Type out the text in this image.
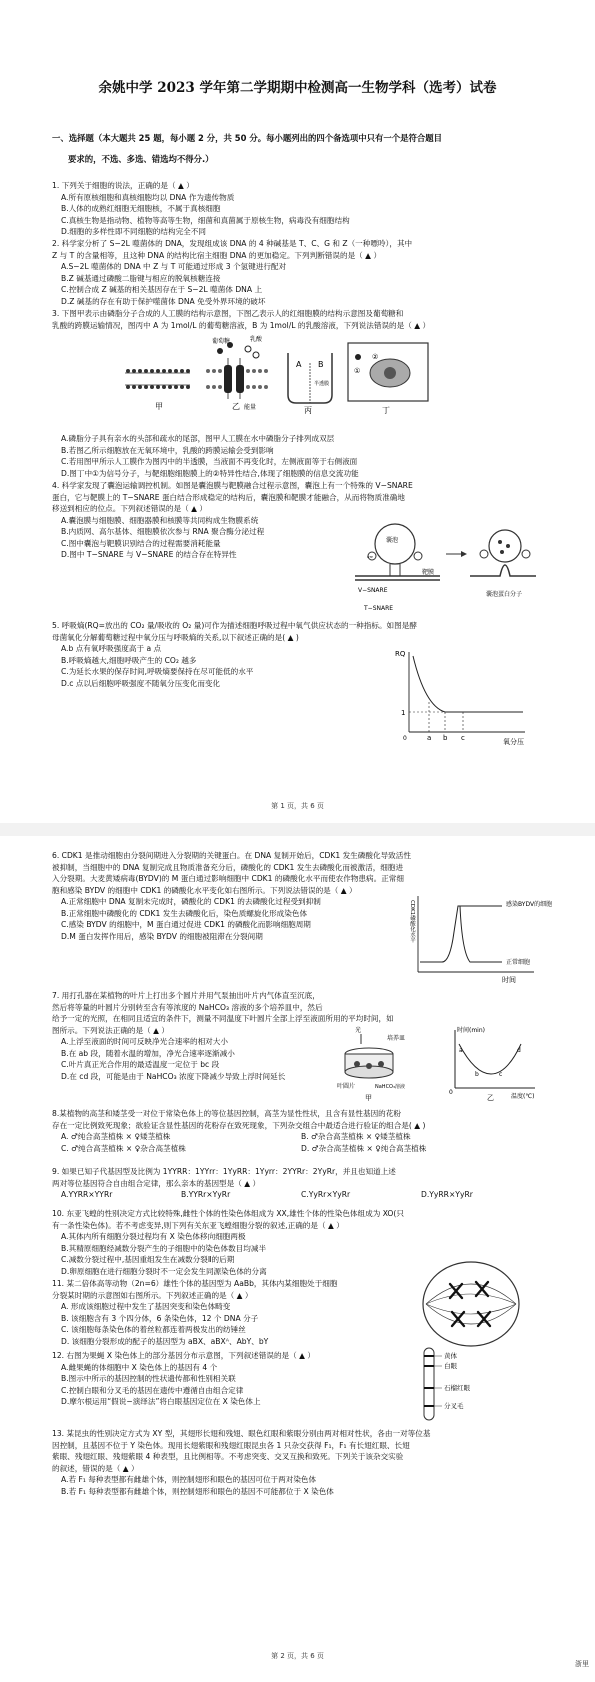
余姚中学 2023 学年第二学期期中检测高一生物学科（选考）试卷
一、选择题（本大题共 25 题，每小题 2 分，共 50 分。每小题列出的四个备选项中只有一个是符合题目
要求的，不选、多选、错选均不得分.）

1. 下列关于细胞的说法，正确的是（ ▲ ）

A.所有原核细胞和真核细胞均以 DNA 作为遗传物质

B.人体的成熟红细胞无细胞核，不属于真核细胞

C.真核生物是指动物、植物等高等生物，细菌和真菌属于原核生物，病毒没有细胞结构

D.细胞的多样性即不同细胞的结构完全不同

2. 科学家分析了 S−2L 噬菌体的 DNA，发现组成该 DNA 的 4 种碱基是 T、C、G 和 Z（一种嘌呤），其中

Z 与 T 的含量相等，且这种 DNA 的结构比宿主细胞 DNA 的更加稳定。下列判断错误的是（ ▲ ）

A.S−2L 噬菌体的 DNA 中 Z 与 T 可能通过形成 3 个氢键进行配对

B.Z 碱基通过磷酸二脂键与相应的脱氧核糖连接

C.控制合成 Z 碱基的相关基因存在于 S−2L 噬菌体 DNA 上

D.Z 碱基的存在有助于保护噬菌体 DNA 免受外界环境的破坏

3. 下图甲表示由磷脂分子合成的人工膜的结构示意图，下图乙表示人的红细胞膜的结构示意图及葡萄糖和

乳酸的跨膜运输情况，图丙中 A 为 1mol/L 的葡萄糖溶液，B 为 1mol/L 的乳酸溶液，下列说法错误的是（ ▲ ）

甲
葡萄糖	乳酸
能量
乙
A B
半透膜
丙
①
②
丁

A.磷脂分子具有亲水的头部和疏水的尾部，图甲人工膜在水中磷脂分子排列成双层

B.若图乙所示细胞放在无氧环境中，乳酸的跨膜运输会受到影响

C.若用图甲所示人工膜作为图丙中的半透膜，当液面不再变化时，左侧液面等于右侧液面

D.图丁中①为信号分子，与靶细胞细胞膜上的②特异性结合,体现了细胞膜的信息交流功能

4. 科学家发现了囊泡运输调控机制。如图是囊泡膜与靶膜融合过程示意图，囊泡上有一个特殊的 V−SNARE

蛋白，它与靶膜上的 T−SNARE 蛋白结合形成稳定的结构后，囊泡膜和靶膜才能融合，从而将物质准确地

移送到相应的位点。下列叙述错误的是（ ▲ ）

A.囊泡膜与细胞膜、细胞器膜和核膜等共同构成生物膜系统

B.内质网、高尔基体、细胞膜依次参与 RNA 聚合酶分泌过程

C.图中囊泡与靶膜识别结合的过程需要消耗能量

D.图中 T−SNARE 与 V−SNARE 的结合存在特异性

囊泡
GTP
靶膜
V−SNARE
T−SNARE
囊泡蛋白分子

5. 呼吸熵(RQ=放出的 CO₂ 量/吸收的 O₂ 量)可作为描述细胞呼吸过程中氧气供应状态的一种指标。如图是酵

母菌氧化分解葡萄糖过程中氧分压与呼吸熵的关系,以下叙述正确的是( ▲ )

A.b 点有氧呼吸强度高于 a 点

B.呼吸熵越大,细胞呼吸产生的 CO₂ 越多

C.为延长水果的保存时间,呼吸熵要保持在尽可能低的水平

D.c 点以后细胞呼吸强度不随氧分压变化而变化

RQ
1
0	a b c	氧分压
第 1 页，共 6 页

6. CDK1 是推动细胞由分裂间期进入分裂期的关键蛋白。在 DNA 复制开始后，CDK1 发生磷酸化导致活性

被抑制，当细胞中的 DNA 复制完成且物质准备充分后，磷酸化的 CDK1 发生去磷酸化而被激活，细胞进

入分裂期。大麦黄矮病毒(BYDV)的 M 蛋白通过影响细胞中 CDK1 的磷酸化水平而使农作物患病。正常细

胞和感染 BYDV 的细胞中 CDK1 的磷酸化水平变化如右图所示。下列说法错误的是（ ▲ ）

A.正常细胞中 DNA 复制未完成时，磷酸化的 CDK1 的去磷酸化过程受到抑制

B.正常细胞中磷酸化的 CDK1 发生去磷酸化后，染色质螺旋化形成染色体

C.感染 BYDV 的细胞中，M 蛋白通过促进 CDK1 的磷酸化而影响细胞周期

D.M 蛋白发挥作用后，感染 BYDV 的细胞被阻滞在分裂间期

感染BYDV的细胞
正常细胞
CDK1磷酸化水平
时间

7. 用打孔器在某植物的叶片上打出多个圆片并用气泵抽出叶片内气体直至沉底，

然后将等量的叶圆片分别转至含有等浓度的 NaHCO₃ 溶液的多个培养皿中，然后

给予一定的光照，在相同且适宜的条件下，测量不同温度下叶圆片全部上浮至液面所用的平均时间，如

图所示。下列说法正确的是（ ▲ ）

A.上浮至液面的时间可反映净光合速率的相对大小

B.在 ab 段，随着水温的增加，净光合速率逐渐减小

C.叶片真正光合作用的最适温度一定位于 bc 段

D.在 cd 段，可能是由于 NaHCO₃ 浓度下降减少导致上浮时间延长

光
培养皿
叶圆片	NaHCO₃溶液
甲
时间(min)
温度(℃)
0
a
b	c
d
乙

8.某植物的高茎和矮茎受一对位于常染色体上的等位基因控制，高茎为显性性状，且含有显性基因的花粉

存在一定比例致死现象；欲验证含显性基因的花粉存在致死现象，下列杂交组合中最适合进行验证的组合是( ▲ )

A. ♂纯合高茎植株 × ♀矮茎植株	B. ♂杂合高茎植株 × ♀矮茎植株

C. ♂纯合高茎植株 × ♀杂合高茎植株	D. ♂杂合高茎植株 × ♀纯合高茎植株

9. 如果已知子代基因型及比例为 1YYRR：1YYrr：1YyRR：1Yyrr：2YYRr：2YyRr，并且也知道上述

两对等位基因符合自由组合定律，那么亲本的基因型是（ ▲ ）

A.YYRR×YYRr	B.YYRr×YyRr	C.YyRr×YyRr	D.YyRR×YyRr

10. 东亚飞蝗的性别决定方式比较特殊,雌性个体的性染色体组成为 XX,雄性个体的性染色体组成为 XO(只

有一条性染色体)。若不考虑变异,则下列有关东亚飞蝗细胞分裂的叙述,正确的是（ ▲ ）

A.其体内所有细胞分裂过程均有 X 染色体移向细胞两极

B.其精原细胞经减数分裂产生的子细胞中的染色体数目均减半

C.减数分裂过程中,基因重组发生在减数分裂Ⅱ的后期

D.卵原细胞在进行细胞分裂时不一定会发生同源染色体的分离

11. 某二倍体高等动物（2n=6）雄性个体的基因型为 AaBb，其体内某细胞处于细胞

分裂某时期的示意图如右图所示。下列叙述正确的是（ ▲ ）

A. 形成该细胞过程中发生了基因突变和染色体畸变

B. 该细胞含有 3 个四分体，6 条染色体，12 个 DNA 分子

C. 该细胞每条染色体的着丝粒都连着两极发出的纺锤丝

D. 该细胞分裂形成的配子的基因型为 aBX、aBXᴬ、AbY、bY

12. 右图为果蝇 X 染色体上的部分基因分布示意图，下列叙述错误的是（ ▲ ）

A.雌果蝇的体细胞中 X 染色体上的基因有 4 个

B.图示中所示的基因控制的性状遗传都和性别相关联

C.控制白眼和分叉毛的基因在遗传中遵循自由组合定律

D.摩尔根运用“假说−演绎法”将白眼基因定位在 X 染色体上

黄体
白眼
石榴红眼
分叉毛

13. 某昆虫的性别决定方式为 XY 型，其翅形长翅和残翅、眼色红眼和紫眼分别由两对相对性状，各由一对等位基

因控制，且基因不位于 Y 染色体。现用长翅紫眼和残翅红眼昆虫各 1 只杂交获得 F₁，F₁ 有长翅红眼、长翅

紫眼、残翅红眼、残翅紫眼 4 种表型，且比例相等。不考虑突变、交叉互换和致死。下列关于该杂交实验

的叙述，错误的是（ ▲ ）

A.若 F₁ 每种表型都有雌雄个体，则控制翅形和眼色的基因可位于两对染色体

B.若 F₁ 每种表型都有雌雄个体，则控制翅形和眼色的基因不可能都位于 X 染色体

第 2 页，共 6 页
浙里
